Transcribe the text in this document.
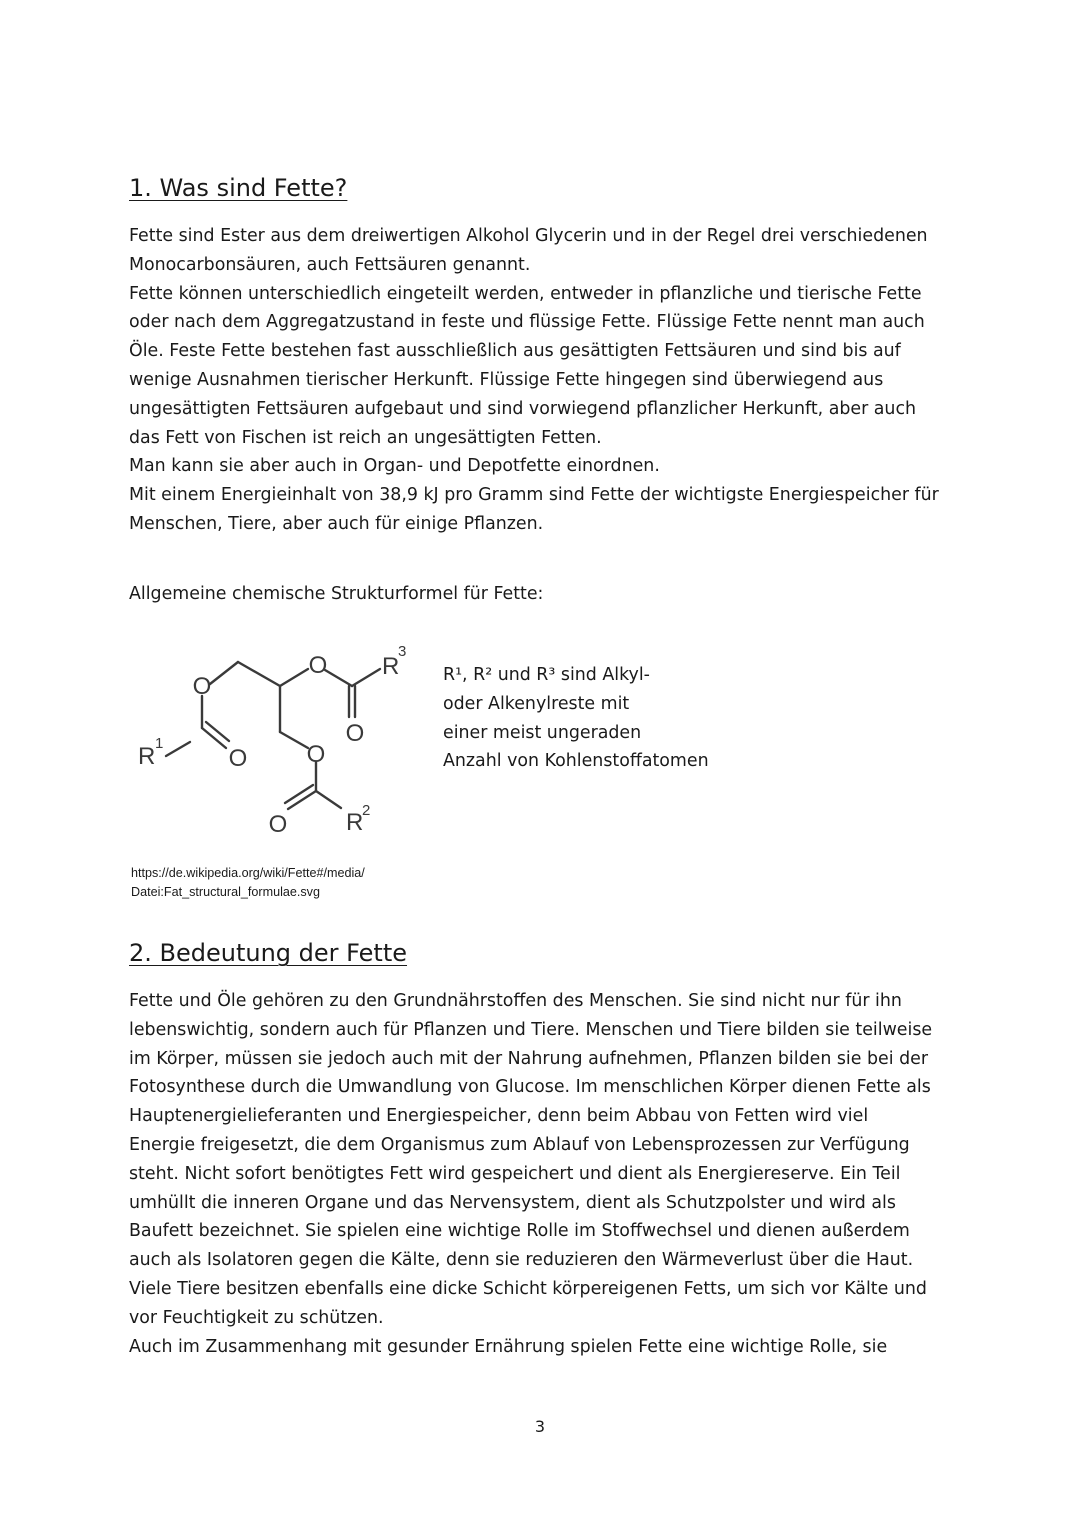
1. Was sind Fette?
Fette sind Ester aus dem dreiwertigen Alkohol Glycerin und in der Regel drei verschiedenen
Monocarbonsäuren, auch Fettsäuren genannt.
Fette können unterschiedlich eingeteilt werden, entweder in pflanzliche und tierische Fette
oder nach dem Aggregatzustand in feste und flüssige Fette. Flüssige Fette nennt man auch
Öle. Feste Fette bestehen fast ausschließlich aus gesättigten Fettsäuren und sind bis auf
wenige Ausnahmen tierischer Herkunft. Flüssige Fette hingegen sind überwiegend aus
ungesättigten Fettsäuren aufgebaut und sind vorwiegend pflanzlicher Herkunft, aber auch
das Fett von Fischen ist reich an ungesättigten Fetten.
Man kann sie aber auch in Organ- und Depotfette einordnen.
Mit einem Energieinhalt von 38,9 kJ pro Gramm sind Fette der wichtigste Energiespeicher für
Menschen, Tiere, aber auch für einige Pflanzen.

Allgemeine chemische Strukturformel für Fette:

O
O
O
O O
O
R 1
R
2
R
3
R¹, R² und R³ sind Alkyl-
oder Alkenylreste mit
einer meist ungeraden
Anzahl von Kohlenstoffatomen
https://de.wikipedia.org/wiki/Fette#/media/
Datei:Fat_structural_formulae.svg
2. Bedeutung der Fette
Fette und Öle gehören zu den Grundnährstoffen des Menschen. Sie sind nicht nur für ihn
lebenswichtig, sondern auch für Pflanzen und Tiere. Menschen und Tiere bilden sie teilweise
im Körper, müssen sie jedoch auch mit der Nahrung aufnehmen, Pflanzen bilden sie bei der
Fotosynthese durch die Umwandlung von Glucose. Im menschlichen Körper dienen Fette als
Hauptenergielieferanten und Energiespeicher, denn beim Abbau von Fetten wird viel
Energie freigesetzt, die dem Organismus zum Ablauf von Lebensprozessen zur Verfügung
steht. Nicht sofort benötigtes Fett wird gespeichert und dient als Energiereserve. Ein Teil
umhüllt die inneren Organe und das Nervensystem, dient als Schutzpolster und wird als
Baufett bezeichnet. Sie spielen eine wichtige Rolle im Stoffwechsel und dienen außerdem
auch als Isolatoren gegen die Kälte, denn sie reduzieren den Wärmeverlust über die Haut.
Viele Tiere besitzen ebenfalls eine dicke Schicht körpereigenen Fetts, um sich vor Kälte und
vor Feuchtigkeit zu schützen.
Auch im Zusammenhang mit gesunder Ernährung spielen Fette eine wichtige Rolle, sie
3
